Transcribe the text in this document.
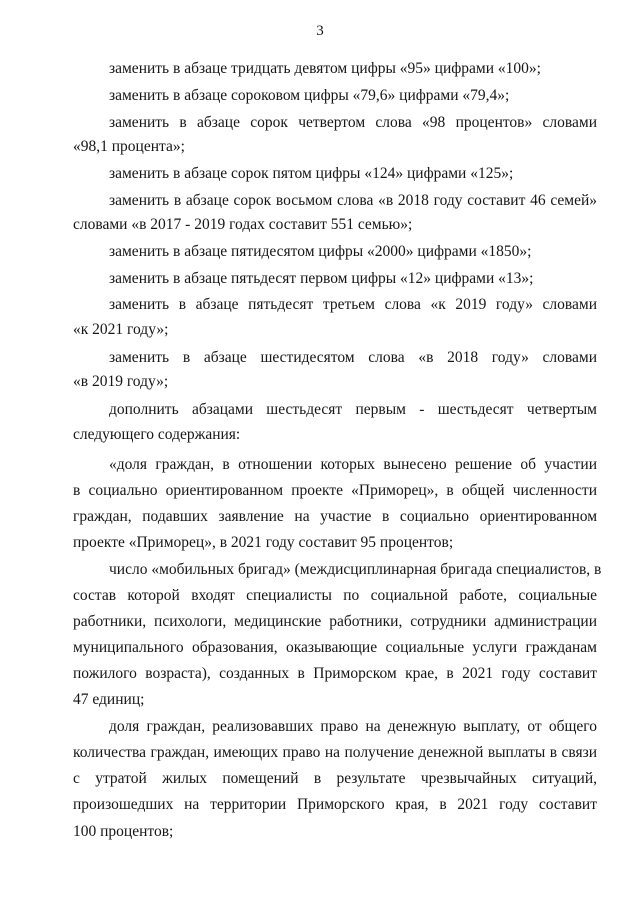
3
заменить в абзаце тридцать девятом цифры «95» цифрами «100»;
заменить в абзаце сороковом цифры «79,6» цифрами «79,4»;
заменить в абзаце сорок четвертом слова «98 процентов» словами
«98,1 процента»;
заменить в абзаце сорок пятом цифры «124» цифрами «125»;
заменить в абзаце сорок восьмом слова «в 2018 году составит 46 семей»
словами «в 2017 - 2019 годах составит 551 семью»;
заменить в абзаце пятидесятом цифры «2000» цифрами «1850»;
заменить в абзаце пятьдесят первом цифры «12» цифрами «13»;
заменить в абзаце пятьдесят третьем слова «к 2019 году» словами
«к 2021 году»;
заменить в абзаце шестидесятом слова «в 2018 году» словами
«в 2019 году»;
дополнить абзацами шестьдесят первым - шестьдесят четвертым
следующего содержания:
«доля граждан, в отношении которых вынесено решение об участии
в социально ориентированном проекте «Приморец», в общей численности
граждан, подавших заявление на участие в социально ориентированном
проекте «Приморец», в 2021 году составит 95 процентов;
число «мобильных бригад» (междисциплинарная бригада специалистов, в
состав которой входят специалисты по социальной работе, социальные
работники, психологи, медицинские работники, сотрудники администрации
муниципального образования, оказывающие социальные услуги гражданам
пожилого возраста), созданных в Приморском крае, в 2021 году составит
47 единиц;
доля граждан, реализовавших право на денежную выплату, от общего
количества граждан, имеющих право на получение денежной выплаты в связи
с утратой жилых помещений в результате чрезвычайных ситуаций,
произошедших на территории Приморского края, в 2021 году составит
100 процентов;
